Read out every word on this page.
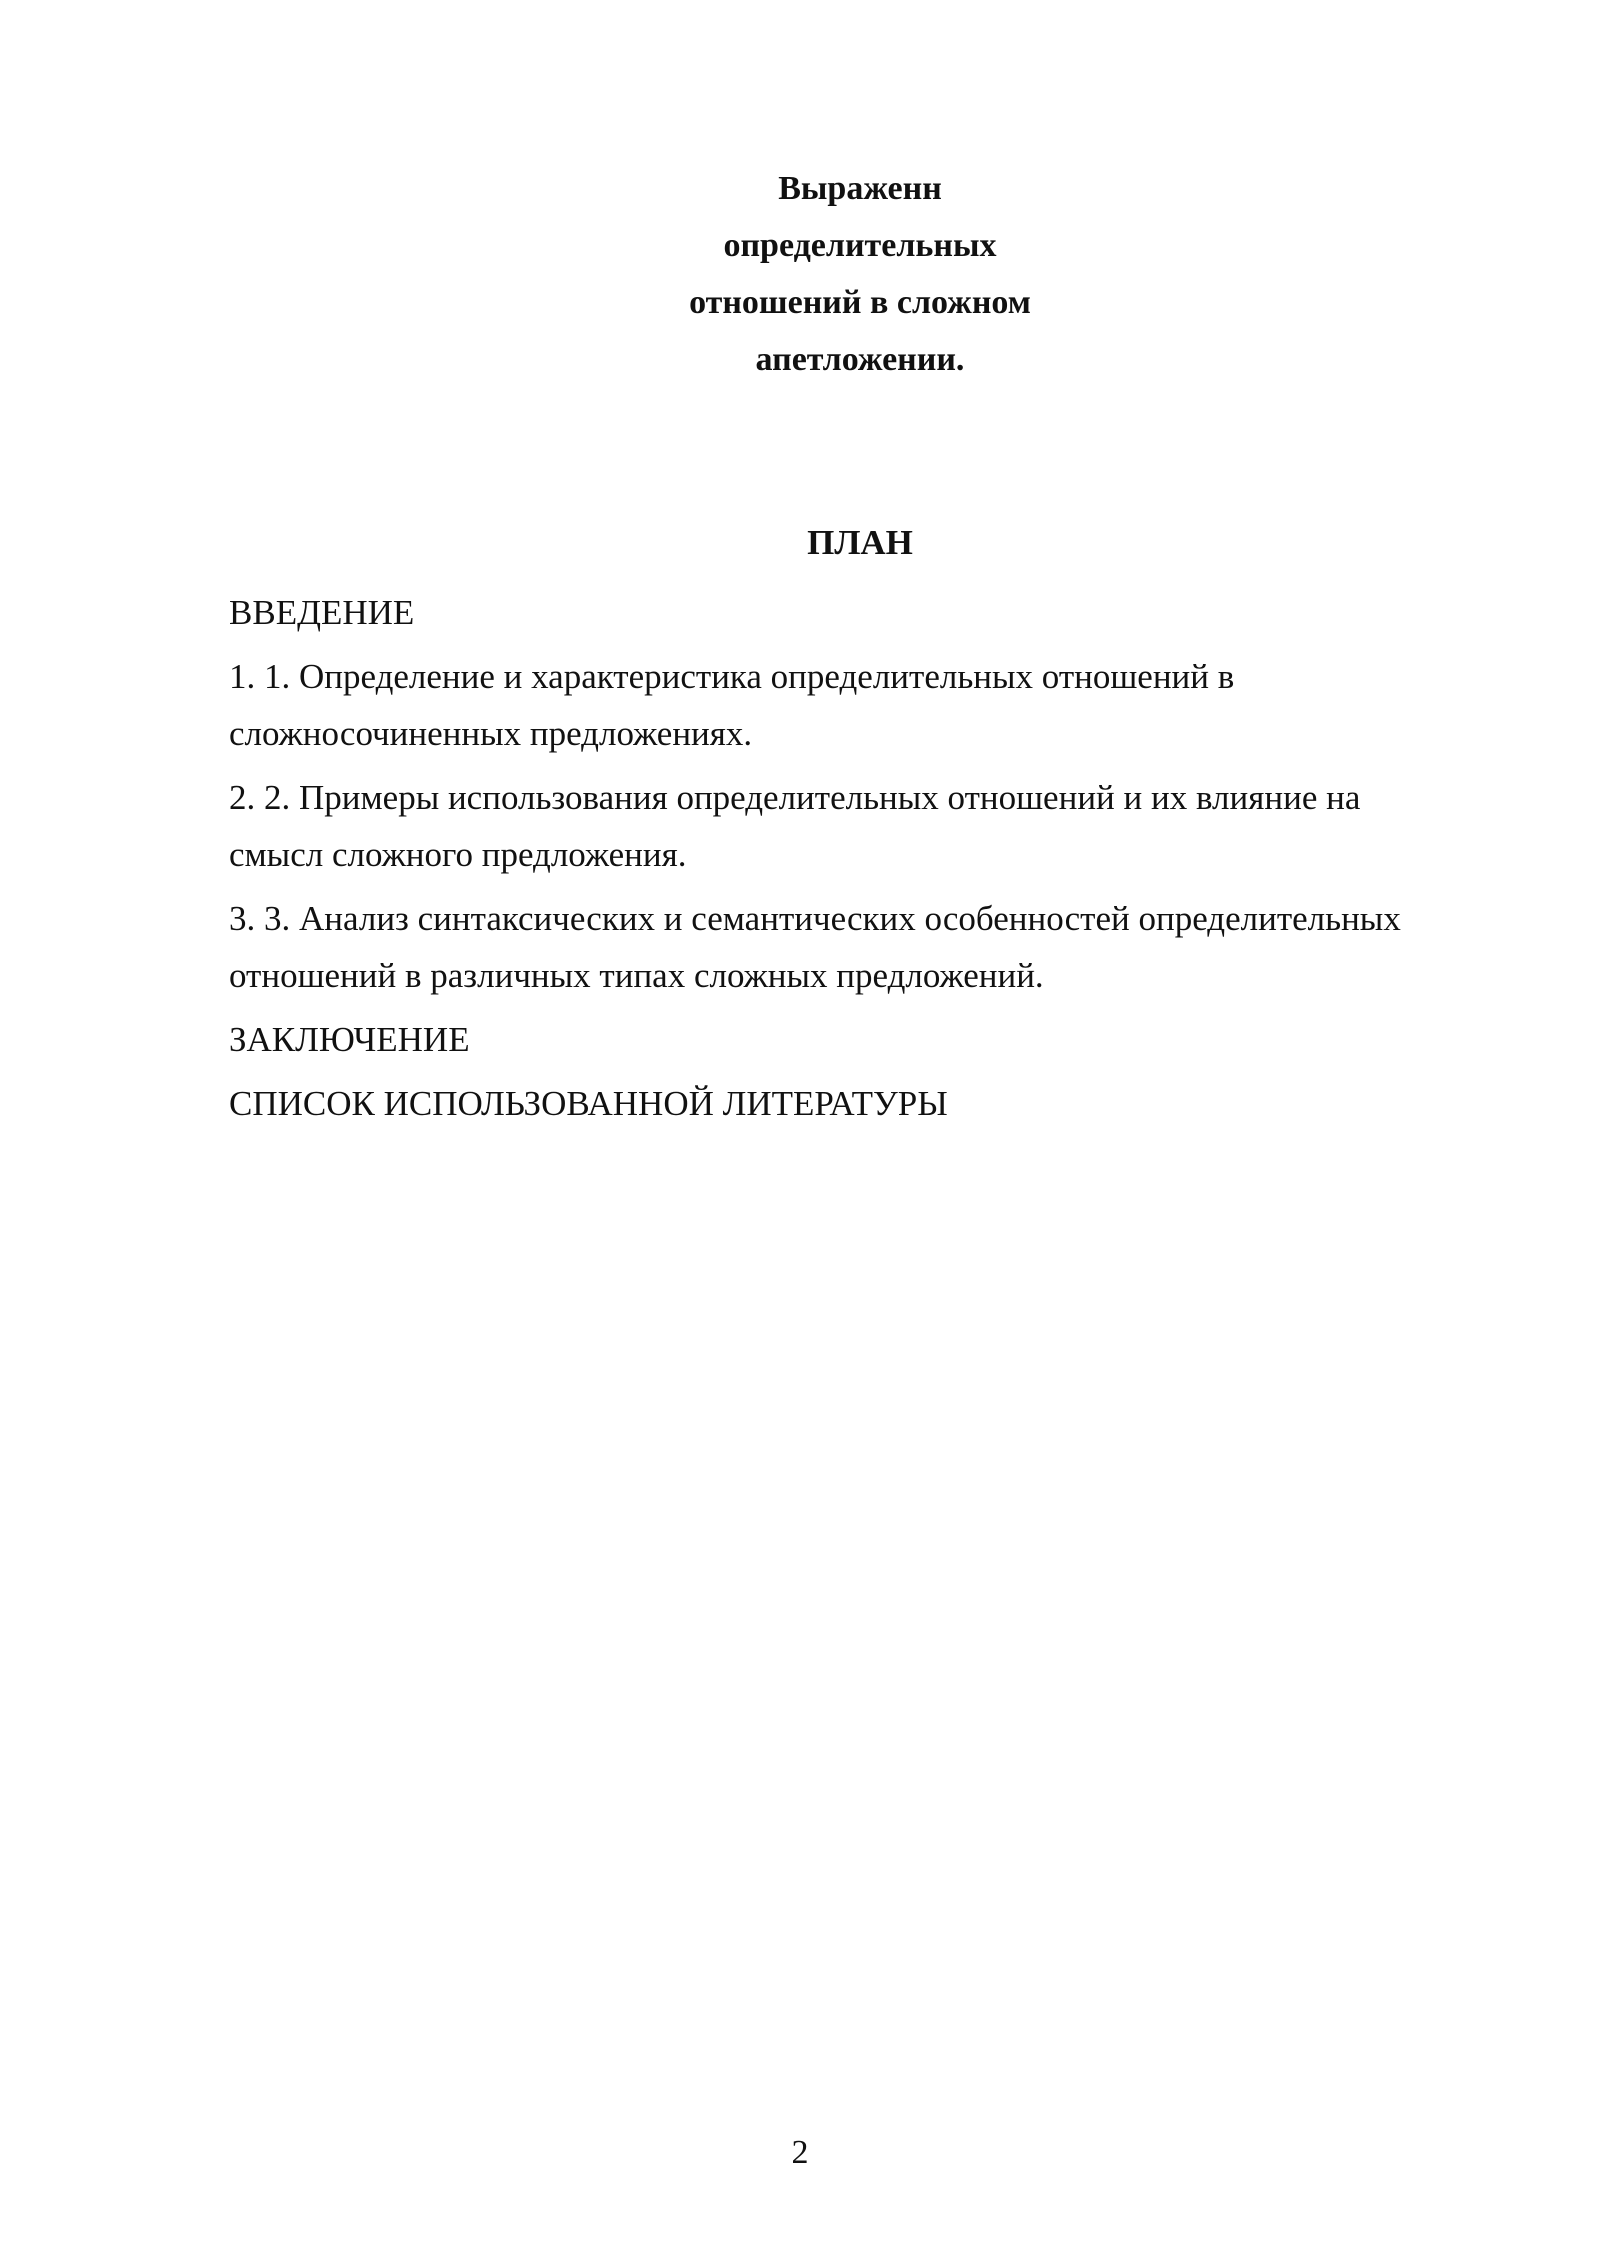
Выраженн
определительных
отношений в сложном
апетложении.
ПЛАН
ВВЕДЕНИЕ
1. 1. Определение и характеристика определительных отношений в
сложносочиненных предложениях.
2. 2. Примеры использования определительных отношений и их влияние на
смысл сложного предложения.
3. 3. Анализ синтаксических и семантических особенностей определительных
отношений в различных типах сложных предложений.
ЗАКЛЮЧЕНИЕ
СПИСОК ИСПОЛЬЗОВАННОЙ ЛИТЕРАТУРЫ
2
